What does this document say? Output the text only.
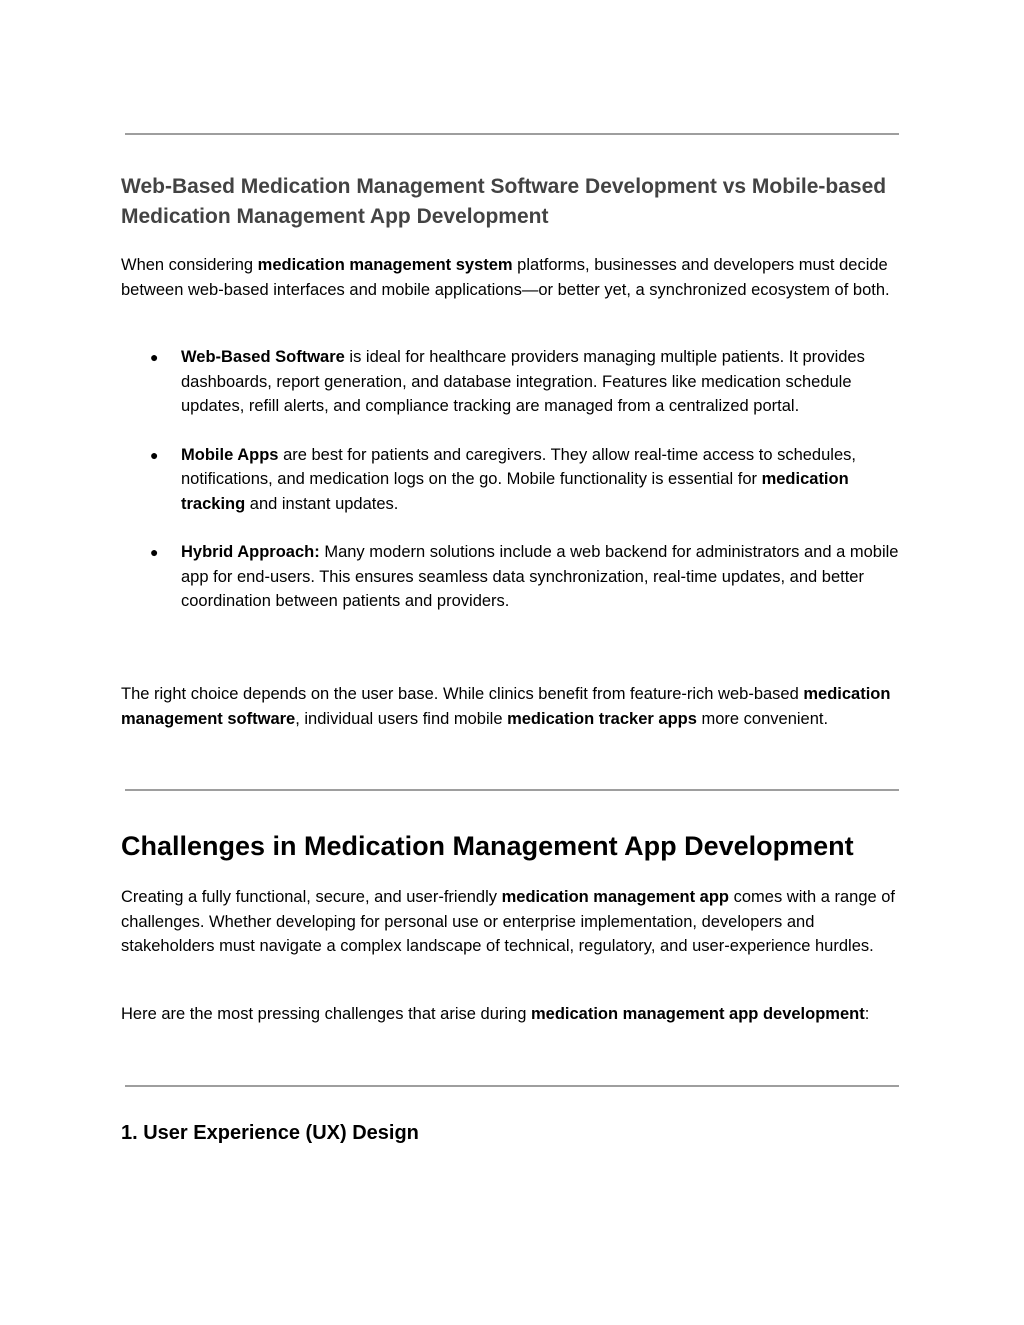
Web-Based Medication Management Software Development vs Mobile-based Medication Management App Development

When considering medication management system platforms, businesses and developers must decide between web-based interfaces and mobile applications—or better yet, a synchronized ecosystem of both.

● Web-Based Software is ideal for healthcare providers managing multiple patients. It provides dashboards, report generation, and database integration. Features like medication schedule updates, refill alerts, and compliance tracking are managed from a centralized portal.
● Mobile Apps are best for patients and caregivers. They allow real-time access to schedules, notifications, and medication logs on the go. Mobile functionality is essential for medication tracking and instant updates.
● Hybrid Approach: Many modern solutions include a web backend for administrators and a mobile app for end-users. This ensures seamless data synchronization, real-time updates, and better coordination between patients and providers.

The right choice depends on the user base. While clinics benefit from feature-rich web-based medication management software, individual users find mobile medication tracker apps more convenient.

Challenges in Medication Management App Development

Creating a fully functional, secure, and user-friendly medication management app comes with a range of challenges. Whether developing for personal use or enterprise implementation, developers and stakeholders must navigate a complex landscape of technical, regulatory, and user-experience hurdles.

Here are the most pressing challenges that arise during medication management app development:

1. User Experience (UX) Design
